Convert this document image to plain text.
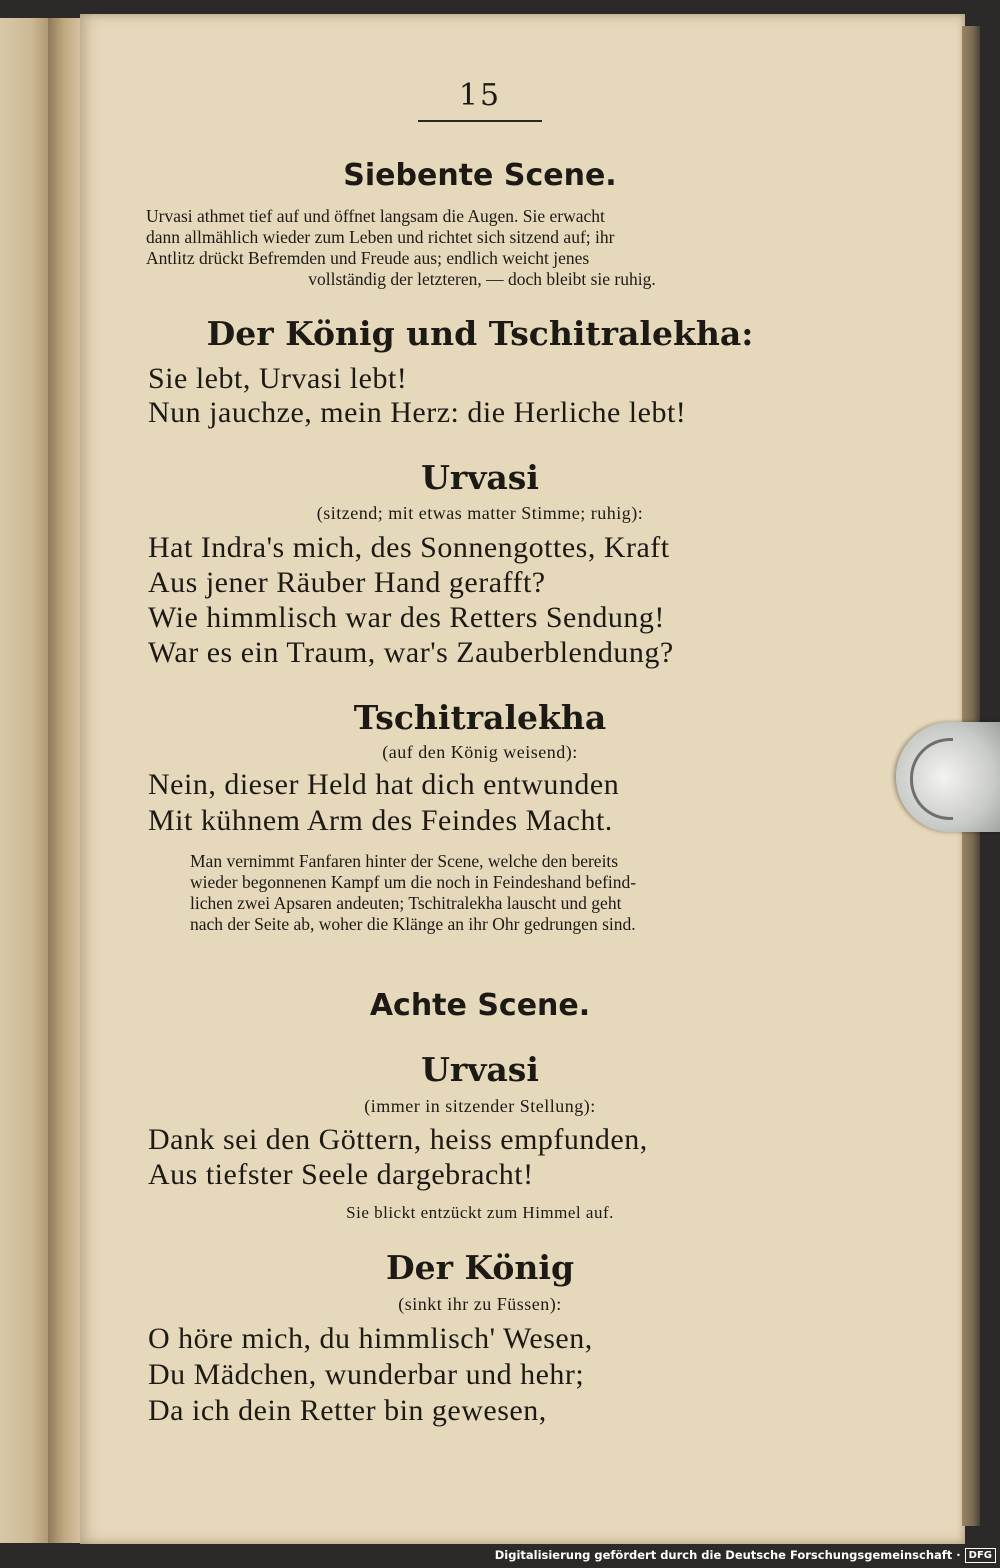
15
Siebente Scene.
Urvasi athmet tief auf und öffnet langsam die Augen. Sie erwacht
dann allmählich wieder zum Leben und richtet sich sitzend auf; ihr
Antlitz drückt Befremden und Freude aus; endlich weicht jenes
vollständig der letzteren, — doch bleibt sie ruhig.
Der König und Tschitralekha:
Sie lebt, Urvasi lebt!
Nun jauchze, mein Herz: die Herliche lebt!
Urvasi
(sitzend; mit etwas matter Stimme; ruhig):
Hat Indra's mich, des Sonnengottes, Kraft
Aus jener Räuber Hand gerafft?
Wie himmlisch war des Retters Sendung!
War es ein Traum, war's Zauberblendung?
Tschitralekha
(auf den König weisend):
Nein, dieser Held hat dich entwunden
Mit kühnem Arm des Feindes Macht.
Man vernimmt Fanfaren hinter der Scene, welche den bereits
wieder begonnenen Kampf um die noch in Feindeshand befind-
lichen zwei Apsaren andeuten; Tschitralekha lauscht und geht
nach der Seite ab, woher die Klänge an ihr Ohr gedrungen sind.
Achte Scene.
Urvasi
(immer in sitzender Stellung):
Dank sei den Göttern, heiss empfunden,
Aus tiefster Seele dargebracht!
Sie blickt entzückt zum Himmel auf.
Der König
(sinkt ihr zu Füssen):
O höre mich, du himmlisch' Wesen,
Du Mädchen, wunderbar und hehr;
Da ich dein Retter bin gewesen,
Digitalisierung gefördert durch die Deutsche Forschungsgemeinschaft · DFG
